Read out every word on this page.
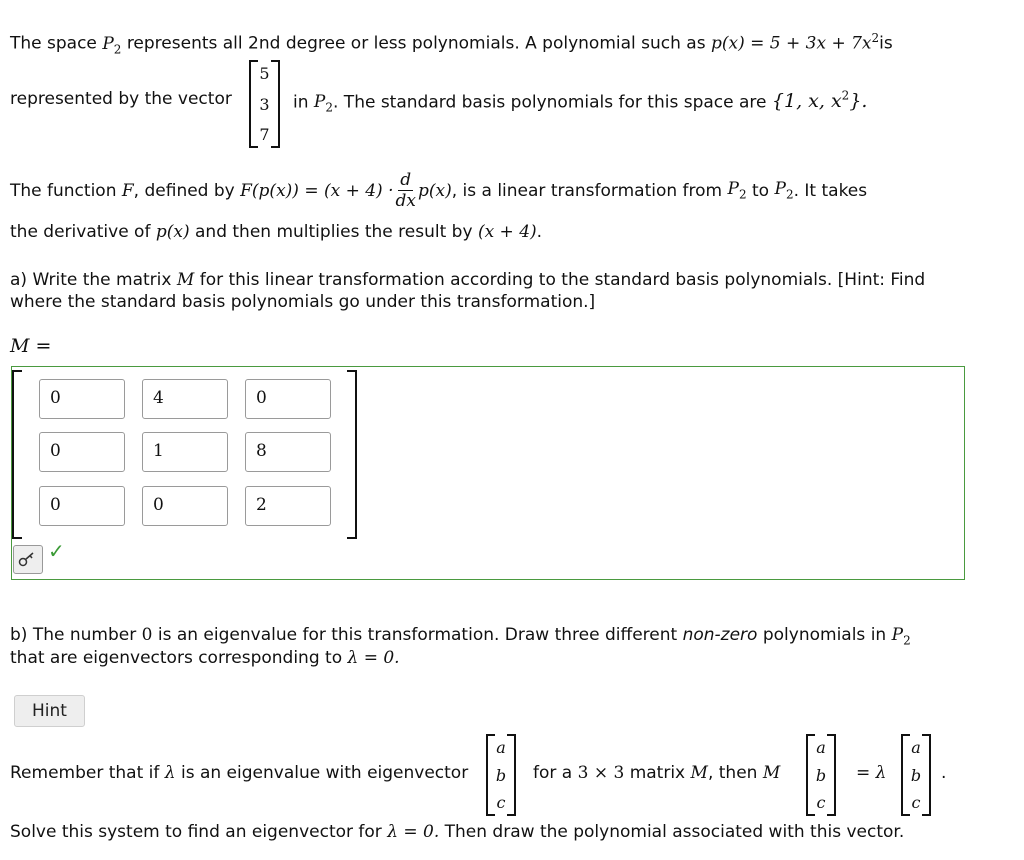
The space $P_2$ represents all 2nd degree or less polynomials. A polynomial such as $p(x) = 5 + 3x + 7x^2is$
represented by the vector
5
3
7
in $P_2$. The standard basis polynomials for this space are {1, x, $x^2$}.
The function
F , defined by
$F(p(x)) = (x + 4) \cdot \frac{d}{dx} p(x)$ , is a linear transformation from
$P_2$
to
$P_2$ . It takes
the derivative of p(x) and then multiplies the result by (x + 4).
a) Write the matrix M for this linear transformation according to the standard basis polynomials. [Hint: Find
where the standard basis polynomials go under this transformation.]
M =
0	4	0
0	1	8
0	0	2
✓
b) The number 0 is an eigenvalue for this transformation. Draw three different non-zero polynomials in $P_2$
that are eigenvectors corresponding to λ = 0.
Hint
Remember that if λ is an eigenvalue with eigenvector
a
b
c
for a 3 × 3 matrix M, then M
a
b
c
= λ
a
b
c
.
Solve this system to find an eigenvector for λ = 0. Then draw the polynomial associated with this vector.
